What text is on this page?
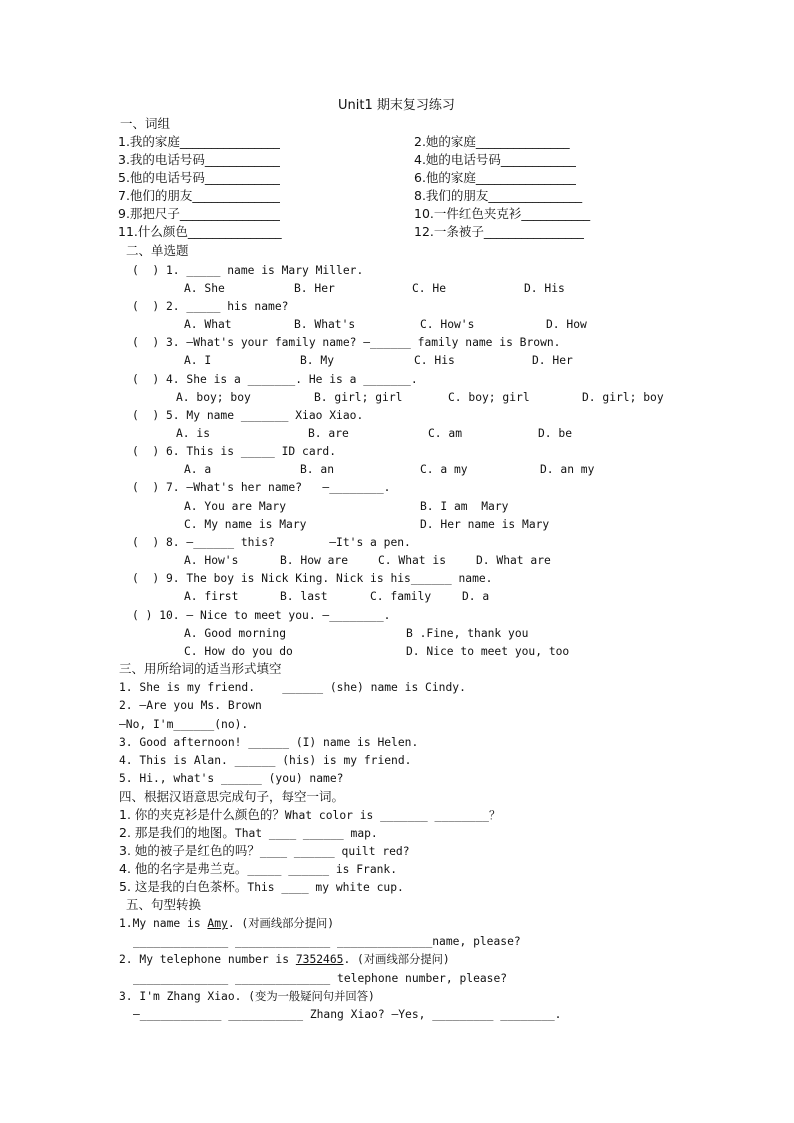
Unit1 期末复习练习
一、词组
1.我的家庭________________	2.她的家庭_______________
3.我的电话号码____________	4.她的电话号码____________
5.他的电话号码____________	6.他的家庭________________
7.他们的朋友______________	8.我们的朋友_______________
9.那把尺子________________	10.一件红色夹克衫___________
11.什么颜色_______________	12.一条被子________________
二、单选题
(  ) 1. _____ name is Mary Miller.
A. She	B. Her	C. He	D. His
(  ) 2. _____ his name?
A. What	B. What's	C. How's	D. How
(  ) 3. —What's your family name? —______ family name is Brown.
A. I	B. My	C. His	D. Her
(  ) 4. She is a _______. He is a _______.
A. boy; boy	B. girl; girl	C. boy; girl	D. girl; boy
(  ) 5. My name _______ Xiao Xiao.
A. is	B. are	C. am	D. be
(  ) 6. This is _____ ID card.
A. a	B. an	C. a my	D. an my
(  ) 7. —What's her name?   —________.
A. You are Mary	B. I am  Mary
C. My name is Mary	D. Her name is Mary
(  ) 8. —______ this?        —It's a pen.
A. How's	B. How are	C. What is	D. What are
(  ) 9. The boy is Nick King. Nick is his______ name.
A. first	B. last	C. family	D. a
( ) 10. — Nice to meet you. —________.
A. Good morning	B .Fine, thank you
C. How do you do	D. Nice to meet you, too
三、用所给词的适当形式填空
1. She is my friend.    ______ (she) name is Cindy.
2. —Are you Ms. Brown
—No, I'm______(no).
3. Good afternoon! ______ (I) name is Helen.
4. This is Alan. ______ (his) is my friend.
5. Hi., what's ______ (you) name?
四、根据汉语意思完成句子，每空一词。
1. 你的夹克衫是什么颜色的？What color is _______ ________？
2. 那是我们的地图。That ____ ______ map.
3. 她的被子是红色的吗？____ ______ quilt red?
4. 他的名字是弗兰克。_____ ______ is Frank.
5. 这是我的白色茶杯。This ____ my white cup.
五、句型转换
1.My name is Amy. (对画线部分提问)
______________ ______________ ______________name, please?
2. My telephone number is 7352465. (对画线部分提问)
______________ ______________ telephone number, please?
3. I'm Zhang Xiao. (变为一般疑问句并回答)
—____________ ___________ Zhang Xiao? —Yes, _________ ________.
